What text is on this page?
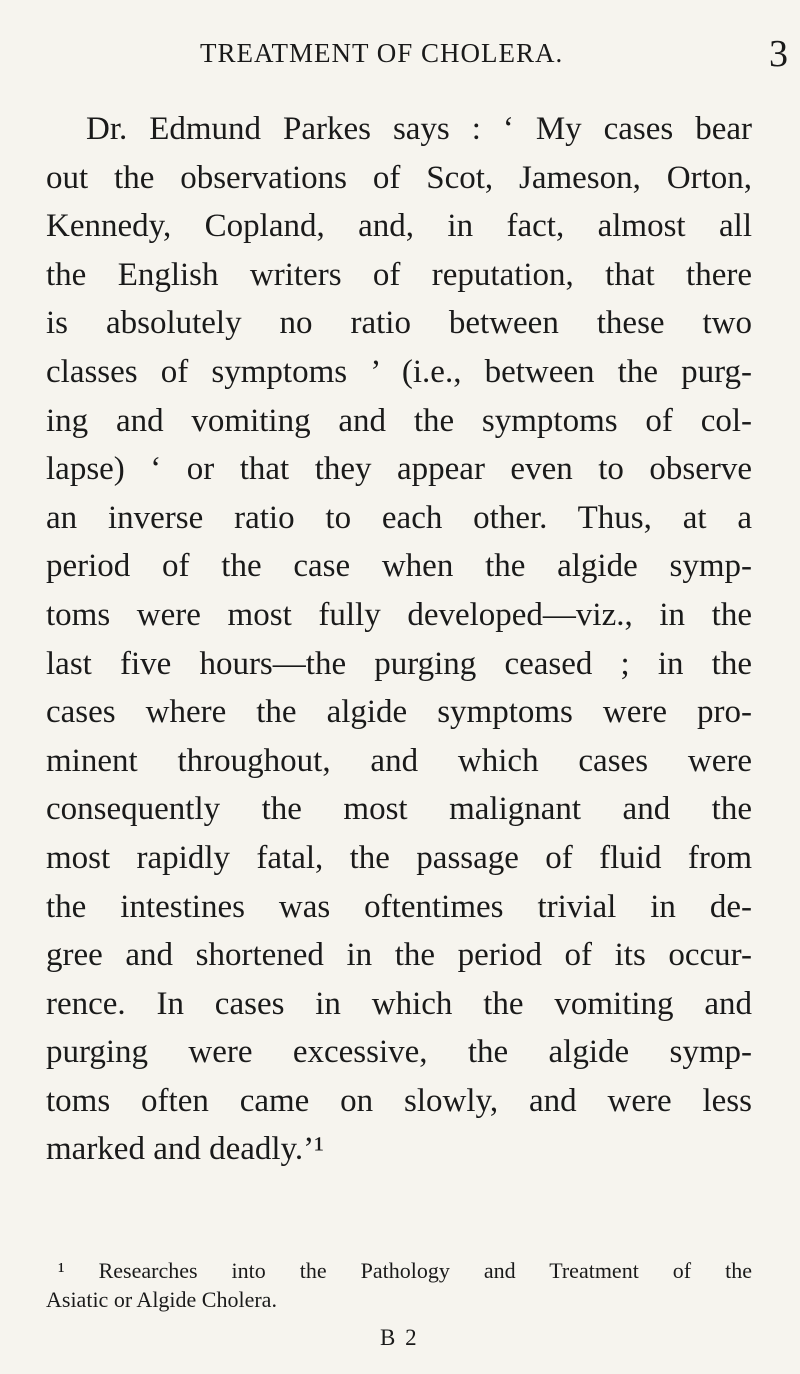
TREATMENT OF CHOLERA.	3
Dr. Edmund Parkes says : ‘ My cases bear
out the observations of Scot, Jameson, Orton,
Kennedy, Copland, and, in fact, almost all
the English writers of reputation, that there
is absolutely no ratio between these two
classes of symptoms ’ (i.e., between the purg-
ing and vomiting and the symptoms of col-
lapse) ‘ or that they appear even to observe
an inverse ratio to each other. Thus, at a
period of the case when the algide symp-
toms were most fully developed—viz., in the
last five hours—the purging ceased ; in the
cases where the algide symptoms were pro-
minent throughout, and which cases were
consequently the most malignant and the
most rapidly fatal, the passage of fluid from
the intestines was oftentimes trivial in de-
gree and shortened in the period of its occur-
rence. In cases in which the vomiting and
purging were excessive, the algide symp-
toms often came on slowly, and were less
marked and deadly.’¹
¹ Researches into the Pathology and Treatment of the
Asiatic or Algide Cholera.
B 2
